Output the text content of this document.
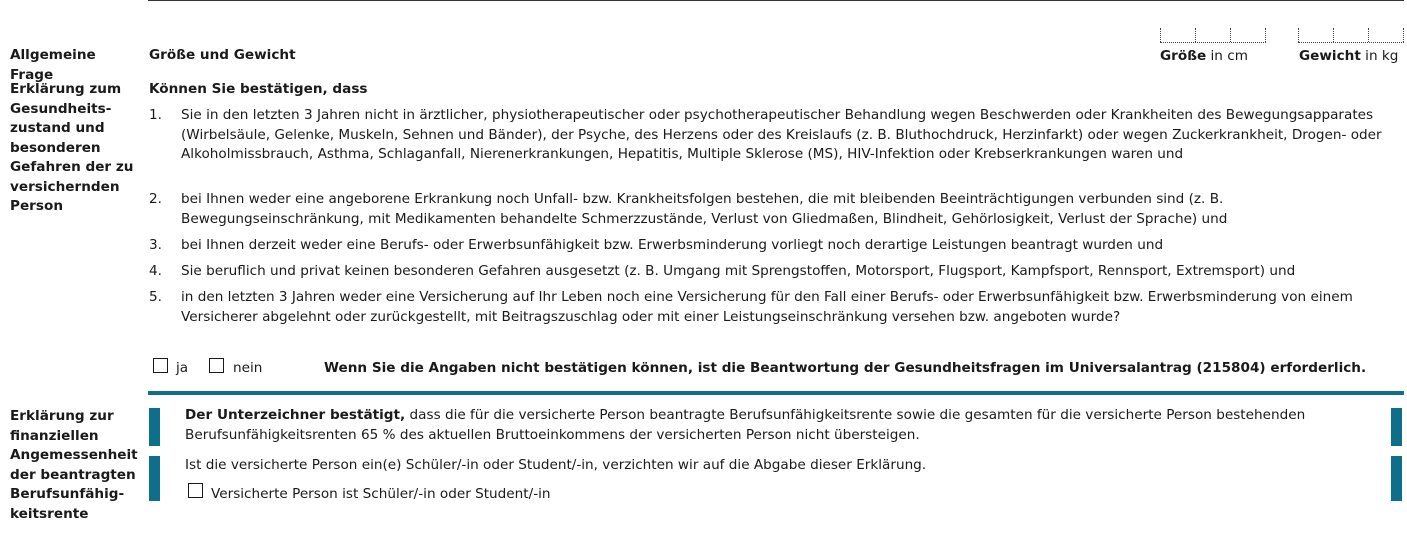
Allgemeine Frage
Größe und Gewicht	Größe in cm	Gewicht in kg
Erklärung zum Gesundheits- zustand und besonderen Gefahren der zu versichernden Person
Können Sie bestätigen, dass
1.	Sie in den letzten 3 Jahren nicht in ärztlicher, physiotherapeutischer oder psychotherapeutischer Behandlung wegen Beschwerden oder Krankheiten des Bewegungsapparates (Wirbelsäule, Gelenke, Muskeln, Sehnen und Bänder), der Psyche, des Herzens oder des Kreislaufs (z. B. Bluthochdruck, Herzinfarkt) oder wegen Zuckerkrankheit, Drogen- oder Alkoholmissbrauch, Asthma, Schlaganfall, Nierenerkrankungen, Hepatitis, Multiple Sklerose (MS), HIV-Infektion oder Krebserkrankungen waren und
2.	bei Ihnen weder eine angeborene Erkrankung noch Unfall- bzw. Krankheitsfolgen bestehen, die mit bleibenden Beeinträchtigungen verbunden sind (z. B. Bewegungseinschränkung, mit Medikamenten behandelte Schmerzzustände, Verlust von Gliedmaßen, Blindheit, Gehörlosigkeit, Verlust der Sprache) und
3.	bei Ihnen derzeit weder eine Berufs- oder Erwerbsunfähigkeit bzw. Erwerbsminderung vorliegt noch derartige Leistungen beantragt wurden und
4.	Sie beruflich und privat keinen besonderen Gefahren ausgesetzt (z. B. Umgang mit Sprengstoffen, Motorsport, Flugsport, Kampfsport, Rennsport, Extremsport) und
5.	in den letzten 3 Jahren weder eine Versicherung auf Ihr Leben noch eine Versicherung für den Fall einer Berufs- oder Erwerbsunfähigkeit bzw. Erwerbsminderung von einem Versicherer abgelehnt oder zurückgestellt, mit Beitragszuschlag oder mit einer Leistungseinschränkung versehen bzw. angeboten wurde?
ja	nein	Wenn Sie die Angaben nicht bestätigen können, ist die Beantwortung der Gesundheitsfragen im Universalantrag (215804) erforderlich.
Erklärung zur finanziellen Angemessenheit der beantragten Berufsunfähig- keitsrente
Der Unterzeichner bestätigt, dass die für die versicherte Person beantragte Berufsunfähigkeitsrente sowie die gesamten für die versicherte Person bestehenden Berufsunfähigkeitsrenten 65 % des aktuellen Bruttoeinkommens der versicherten Person nicht übersteigen.
Ist die versicherte Person ein(e) Schüler/-in oder Student/-in, verzichten wir auf die Abgabe dieser Erklärung.
Versicherte Person ist Schüler/-in oder Student/-in
